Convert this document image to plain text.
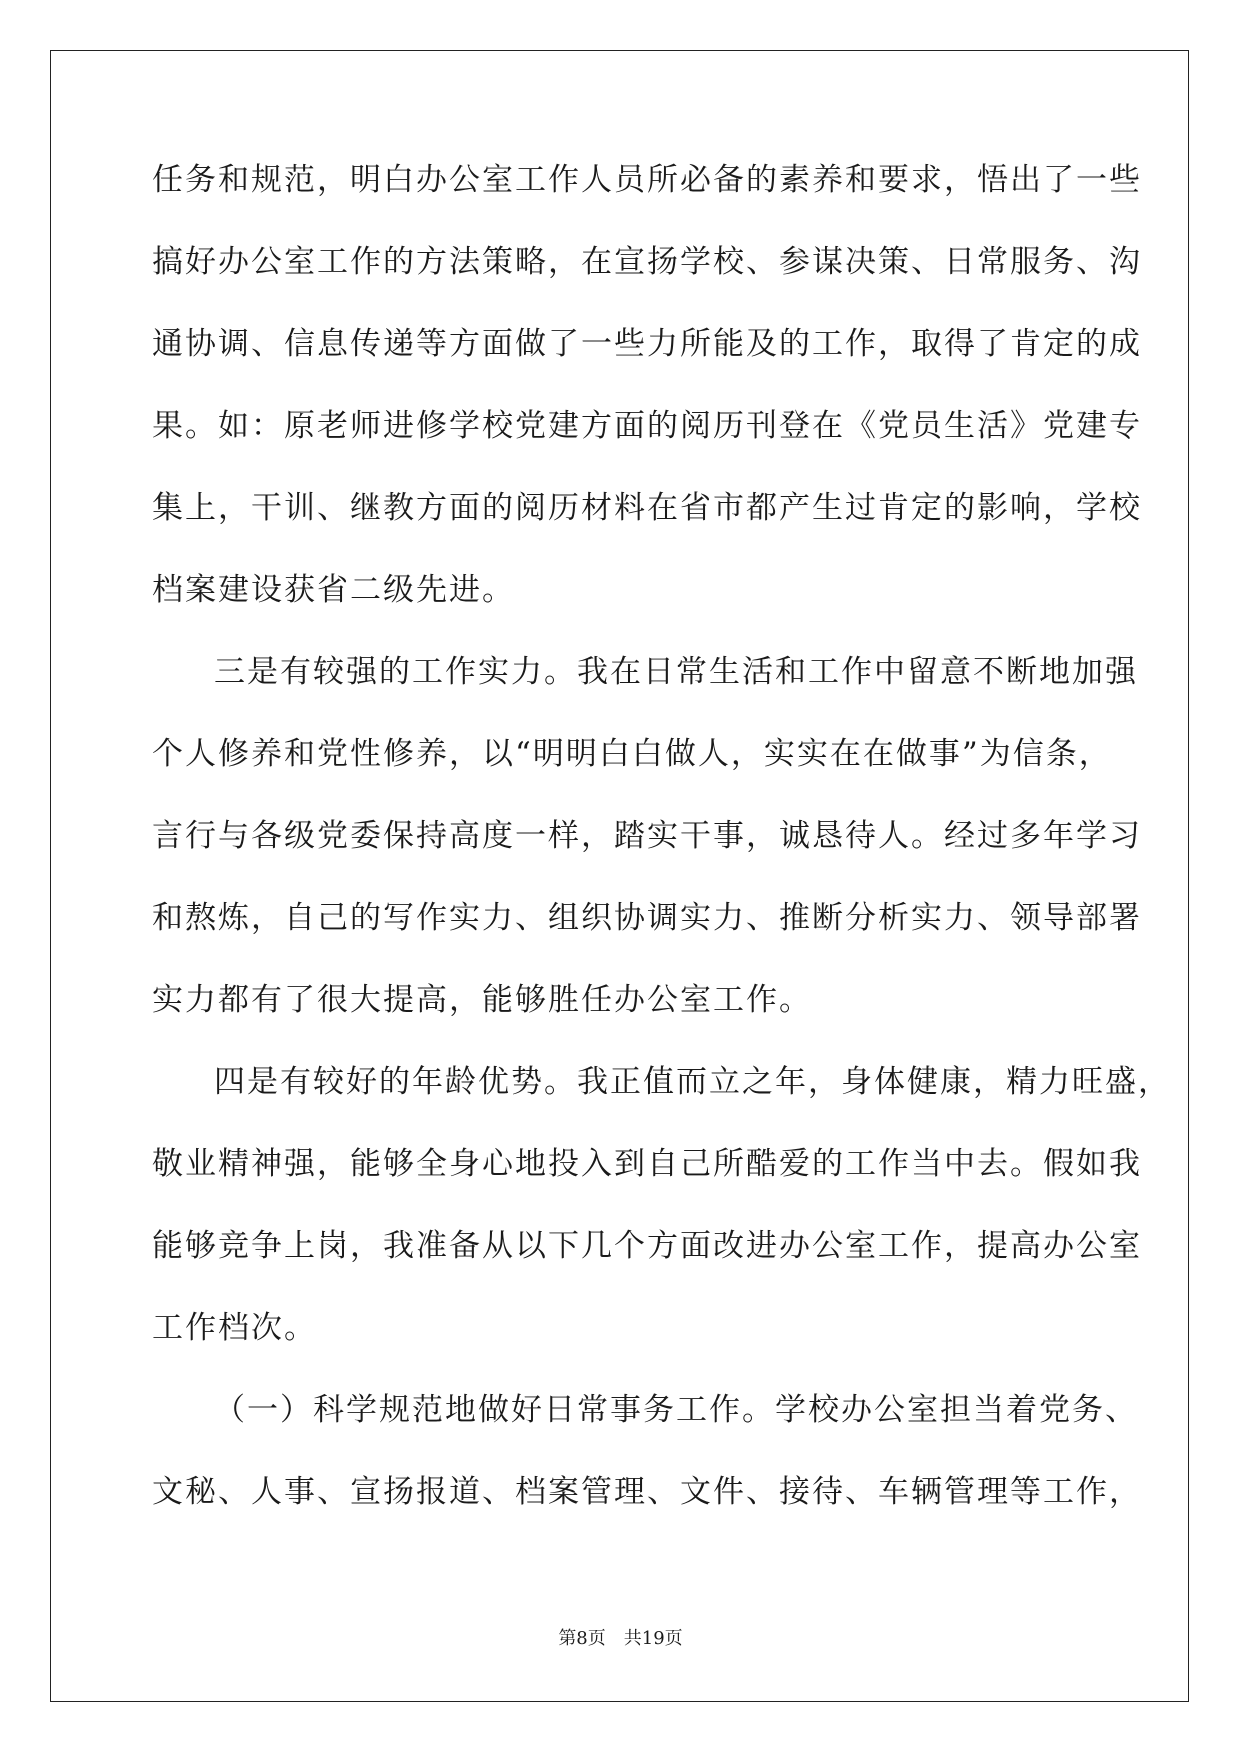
任务和规范，明白办公室工作人员所必备的素养和要求，悟出了一些
搞好办公室工作的方法策略，在宣扬学校、参谋决策、日常服务、沟
通协调、信息传递等方面做了一些力所能及的工作，取得了肯定的成
果。如：原老师进修学校党建方面的阅历刊登在《党员生活》党建专
集上，干训、继教方面的阅历材料在省市都产生过肯定的影响，学校
档案建设获省二级先进。
三是有较强的工作实力。我在日常生活和工作中留意不断地加强
个人修养和党性修养，以“明明白白做人，实实在在做事”为信条，
言行与各级党委保持高度一样，踏实干事，诚恳待人。经过多年学习
和熬炼，自己的写作实力、组织协调实力、推断分析实力、领导部署
实力都有了很大提高，能够胜任办公室工作。
四是有较好的年龄优势。我正值而立之年，身体健康，精力旺盛，
敬业精神强，能够全身心地投入到自己所酷爱的工作当中去。假如我
能够竞争上岗，我准备从以下几个方面改进办公室工作，提高办公室
工作档次。
（一）科学规范地做好日常事务工作。学校办公室担当着党务、
文秘、人事、宣扬报道、档案管理、文件、接待、车辆管理等工作，
第8页　共19页
